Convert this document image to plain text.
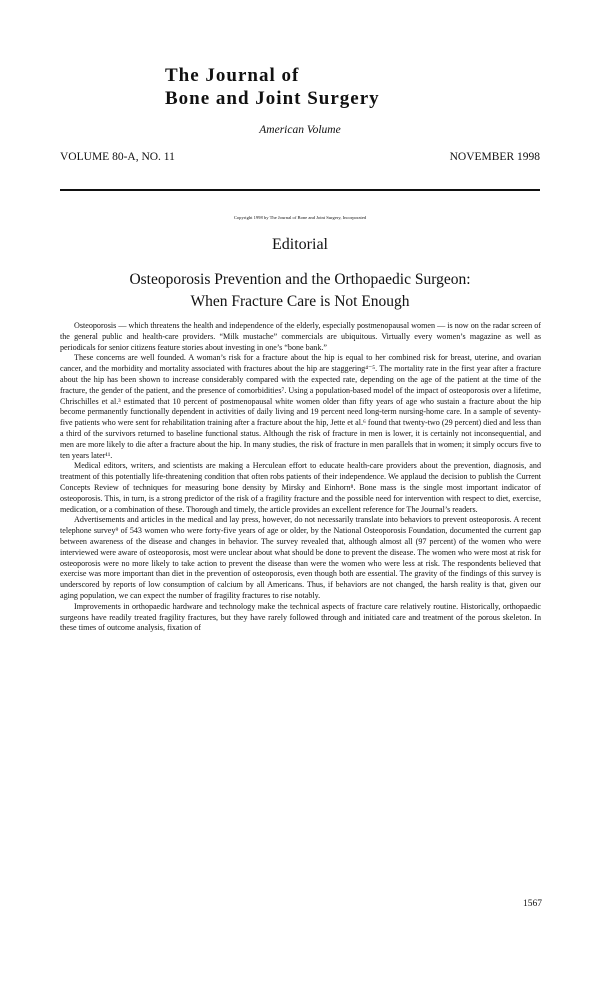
The Journal of
Bone and Joint Surgery
American Volume
VOLUME 80-A, NO. 11	NOVEMBER 1998
Copyright 1998 by The Journal of Bone and Joint Surgery, Incorporated
Editorial
Osteoporosis Prevention and the Orthopaedic Surgeon:
When Fracture Care is Not Enough

Osteoporosis — which threatens the health and independence of the elderly, especially postmenopausal women — is now on the radar screen of the general public and health-care providers. “Milk mustache” commercials are ubiquitous. Virtually every women’s magazine as well as periodicals for senior citizens feature stories about investing in one’s “bone bank.”

These concerns are well founded. A woman’s risk for a fracture about the hip is equal to her combined risk for breast, uterine, and ovarian cancer, and the morbidity and mortality associated with fractures about the hip are staggering⁴⁻⁵. The mortality rate in the first year after a fracture about the hip has been shown to increase considerably compared with the expected rate, depending on the age of the patient at the time of the fracture, the gender of the patient, and the presence of comorbidities⁷. Using a population-based model of the impact of osteoporosis over a lifetime, Chrischilles et al.³ estimated that 10 percent of postmenopausal white women older than fifty years of age who sustain a fracture about the hip become permanently functionally dependent in activities of daily living and 19 percent need long-term nursing-home care. In a sample of seventy-five patients who were sent for rehabilitation training after a fracture about the hip, Jette et al.⁶ found that twenty-two (29 percent) died and less than a third of the survivors returned to baseline functional status. Although the risk of fracture in men is lower, it is certainly not inconsequential, and men are more likely to die after a fracture about the hip. In many studies, the risk of fracture in men parallels that in women; it simply occurs five to ten years later¹¹.

Medical editors, writers, and scientists are making a Herculean effort to educate health-care providers about the prevention, diagnosis, and treatment of this potentially life-threatening condition that often robs patients of their independence. We applaud the decision to publish the Current Concepts Review of techniques for measuring bone density by Mirsky and Einhorn⁸. Bone mass is the single most important indicator of osteoporosis. This, in turn, is a strong predictor of the risk of a fragility fracture and the possible need for intervention with respect to diet, exercise, medication, or a combination of these. Thorough and timely, the article provides an excellent reference for The Journal’s readers.

Advertisements and articles in the medical and lay press, however, do not necessarily translate into behaviors to prevent osteoporosis. A recent telephone survey⁹ of 543 women who were forty-five years of age or older, by the National Osteoporosis Foundation, documented the current gap between awareness of the disease and changes in behavior. The survey revealed that, although almost all (97 percent) of the women who were interviewed were aware of osteoporosis, most were unclear about what should be done to prevent the disease. The women who were most at risk for osteoporosis were no more likely to take action to prevent the disease than were the women who were less at risk. The respondents believed that exercise was more important than diet in the prevention of osteoporosis, even though both are essential. The gravity of the findings of this survey is underscored by reports of low consumption of calcium by all Americans. Thus, if behaviors are not changed, the harsh reality is that, given our aging population, we can expect the number of fragility fractures to rise notably.

Improvements in orthopaedic hardware and technology make the technical aspects of fracture care relatively routine. Historically, orthopaedic surgeons have readily treated fragility fractures, but they have rarely followed through and initiated care and treatment of the porous skeleton. In these times of outcome analysis, fixation of

1567
